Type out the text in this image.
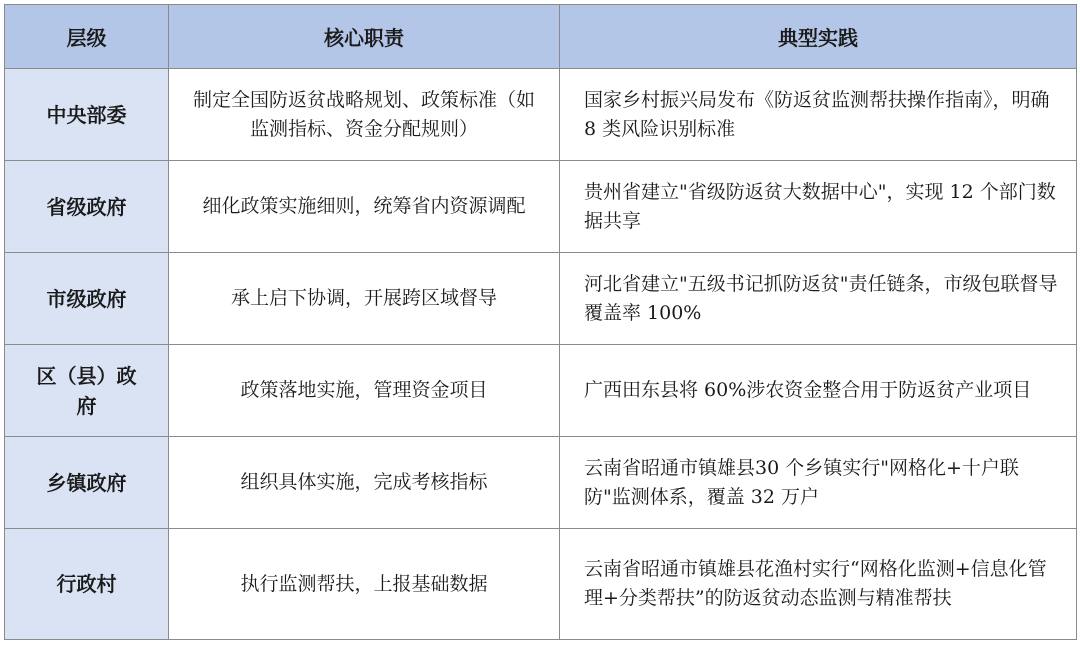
层级	核心职责	典型实践
中央部委	制定全国防返贫战略规划、政策标准（如监测指标、资金分配规则）	国家乡村振兴局发布《防返贫监测帮扶操作指南》，明确 8 类风险识别标准
省级政府	细化政策实施细则，统筹省内资源调配	贵州省建立"省级防返贫大数据中心"，实现 12 个部门数据共享
市级政府	承上启下协调，开展跨区域督导	河北省建立"五级书记抓防返贫"责任链条，市级包联督导覆盖率 100%
区（县）政府	政策落地实施，管理资金项目	广西田东县将 60%涉农资金整合用于防返贫产业项目
乡镇政府	组织具体实施，完成考核指标	云南省昭通市镇雄县30 个乡镇实行"网格化+十户联防"监测体系，覆盖 32 万户
行政村	执行监测帮扶，上报基础数据	云南省昭通市镇雄县花渔村实行“网格化监测+信息化管理+分类帮扶”的防返贫动态监测与精准帮扶
